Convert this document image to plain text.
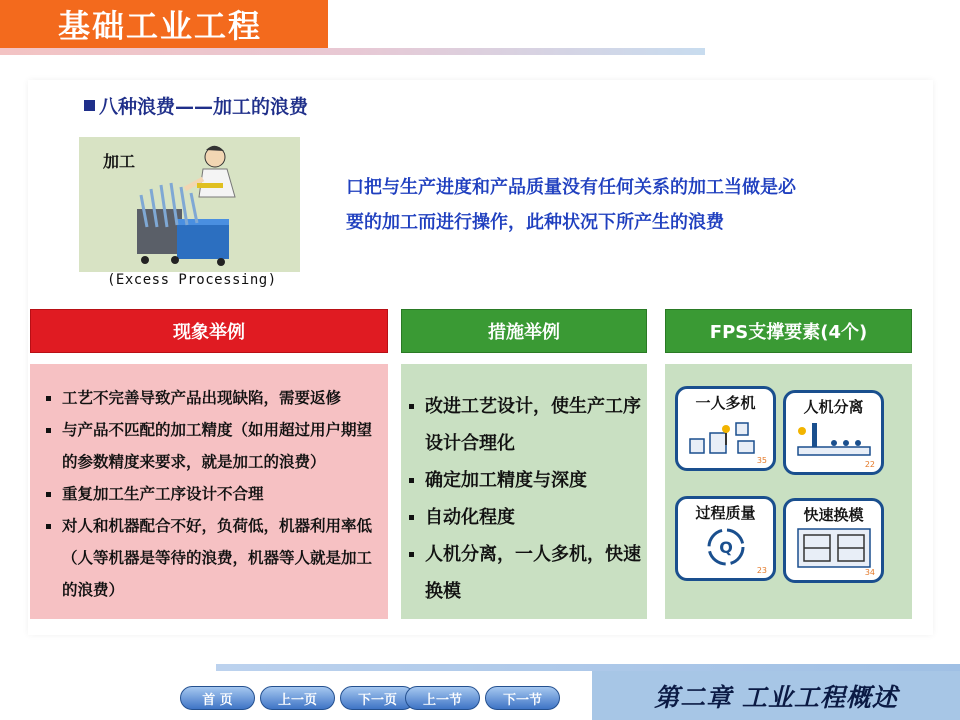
基础工业工程
八种浪费——加工的浪费
加工
(Excess Processing)
口把与生产进度和产品质量没有任何关系的加工当做是必
要的加工而进行操作，此种状况下所产生的浪费
现象举例	措施举例	FPS支撑要素(4个)
工艺不完善导致产品出现缺陷，需要返修
与产品不匹配的加工精度（如用超过用户期望的参数精度来要求，就是加工的浪费）
重复加工生产工序设计不合理
对人和机器配合不好，负荷低，机器利用率低（人等机器是等待的浪费，机器等人就是加工的浪费）
改进工艺设计，使生产工序设计合理化
确定加工精度与深度
自动化程度
人机分离，一人多机，快速换模
一人多机
35
人机分离
22
过程质量
Q
23
快速换模
34
第二章 工业工程概述
首 页	上一页	下一页	上一节	下一节
